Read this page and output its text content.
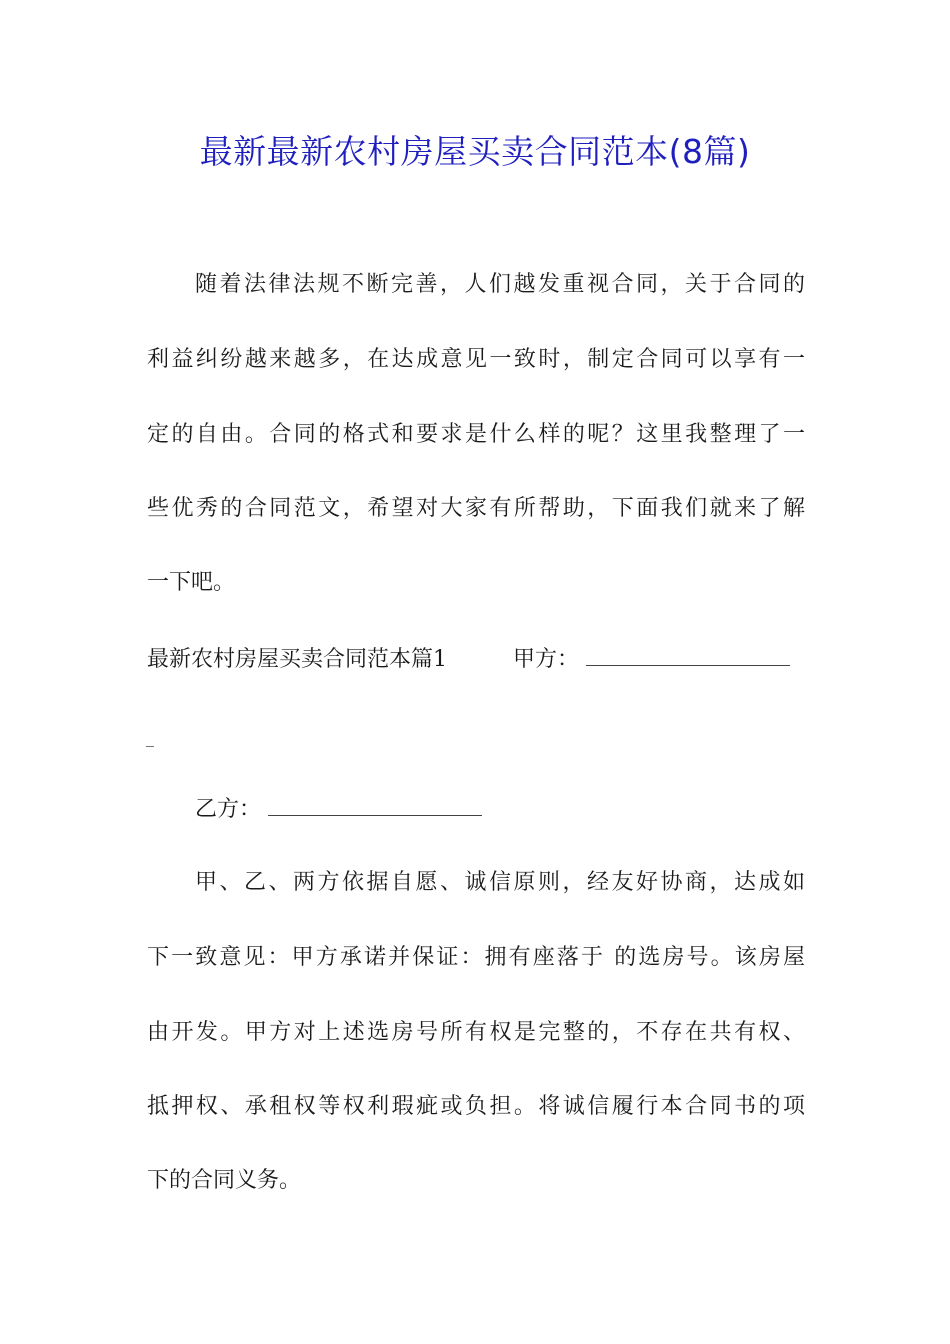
最新最新农村房屋买卖合同范本(8篇)
随着法律法规不断完善，人们越发重视合同，关于合同的
利益纠纷越来越多，在达成意见一致时，制定合同可以享有一
定的自由。合同的格式和要求是什么样的呢？这里我整理了一
些优秀的合同范文，希望对大家有所帮助，下面我们就来了解
一下吧。
最新农村房屋买卖合同范本篇1	甲方：
_
乙方：
甲、乙、两方依据自愿、诚信原则，经友好协商，达成如
下一致意见：甲方承诺并保证：拥有座落于 的选房号。该房屋
由开发。甲方对上述选房号所有权是完整的，不存在共有权、
抵押权、承租权等权利瑕疵或负担。将诚信履行本合同书的项
下的合同义务。
